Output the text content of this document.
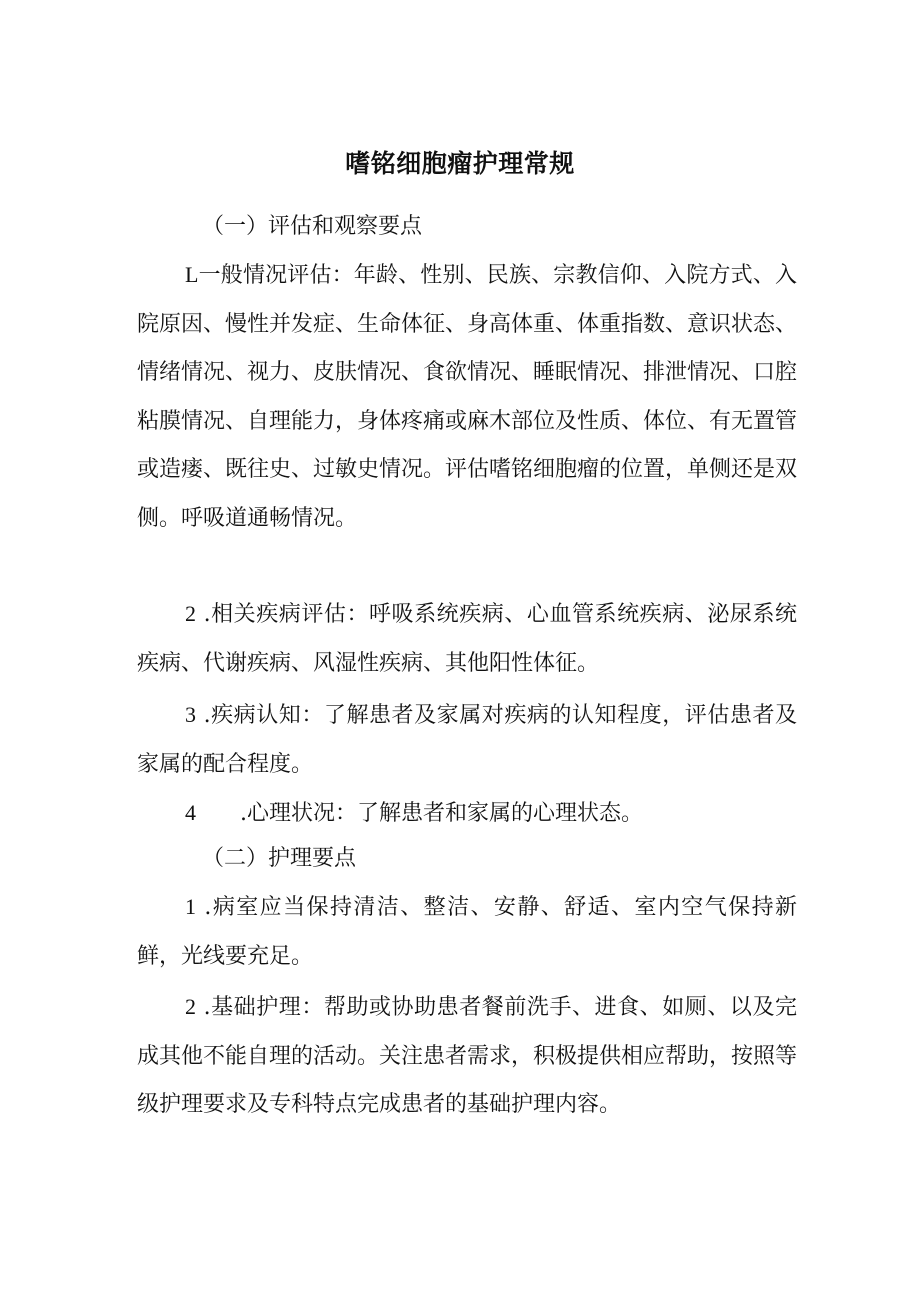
嗜铭细胞瘤护理常规
（一）评估和观察要点

L一般情况评估：年龄、性别、民族、宗教信仰、入院方式、入院原因、慢性并发症、生命体征、身高体重、体重指数、意识状态、情绪情况、视力、皮肤情况、食欲情况、睡眠情况、排泄情况、口腔粘膜情况、自理能力，身体疼痛或麻木部位及性质、体位、有无置管或造瘘、既往史、过敏史情况。评估嗜铭细胞瘤的位置，单侧还是双侧。呼吸道通畅情况。

2 .相关疾病评估：呼吸系统疾病、心血管系统疾病、泌尿系统疾病、代谢疾病、风湿性疾病、其他阳性体征。

3 .疾病认知：了解患者及家属对疾病的认知程度，评估患者及家属的配合程度。

4 .心理状况：了解患者和家属的心理状态。

（二）护理要点

1 .病室应当保持清洁、整洁、安静、舒适、室内空气保持新鲜，光线要充足。

2 .基础护理：帮助或协助患者餐前洗手、进食、如厕、以及完成其他不能自理的活动。关注患者需求，积极提供相应帮助，按照等级护理要求及专科特点完成患者的基础护理内容。
